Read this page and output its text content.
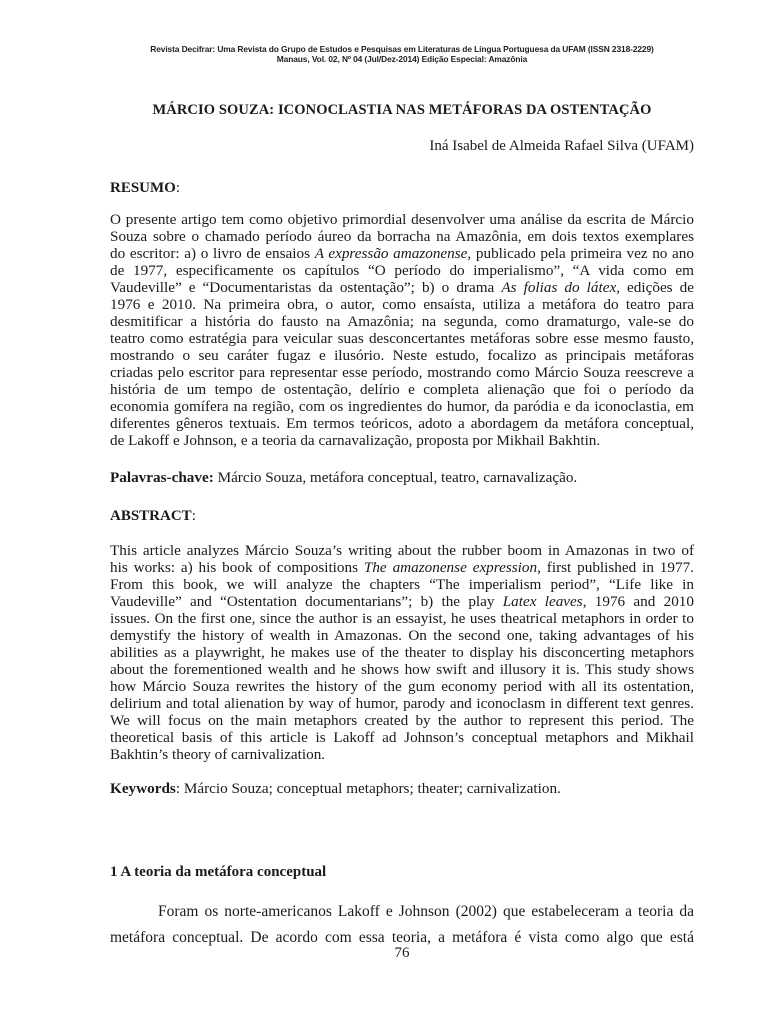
Revista Decifrar: Uma Revista do Grupo de Estudos e Pesquisas em Literaturas de Língua Portuguesa da UFAM (ISSN 2318-2229)
Manaus, Vol. 02, Nº 04 (Jul/Dez-2014) Edição Especial: Amazônia
MÁRCIO SOUZA: ICONOCLASTIA NAS METÁFORAS DA OSTENTAÇÃO
Iná Isabel de Almeida Rafael Silva (UFAM)
RESUMO:
O presente artigo tem como objetivo primordial desenvolver uma análise da escrita de Márcio
Souza sobre o chamado período áureo da borracha na Amazônia, em dois textos exemplares
do escritor: a) o livro de ensaios A expressão amazonense, publicado pela primeira vez no ano
de 1977, especificamente os capítulos “O período do imperialismo”, “A vida como em
Vaudeville” e “Documentaristas da ostentação”; b) o drama As folias do látex, edições de
1976 e 2010. Na primeira obra, o autor, como ensaísta, utiliza a metáfora do teatro para
desmitificar a história do fausto na Amazônia; na segunda, como dramaturgo, vale-se do
teatro como estratégia para veicular suas desconcertantes metáforas sobre esse mesmo fausto,
mostrando o seu caráter fugaz e ilusório. Neste estudo, focalizo as principais metáforas
criadas pelo escritor para representar esse período, mostrando como Márcio Souza reescreve a
história de um tempo de ostentação, delírio e completa alienação que foi o período da
economia gomífera na região, com os ingredientes do humor, da paródia e da iconoclastia, em
diferentes gêneros textuais. Em termos teóricos, adoto a abordagem da metáfora conceptual,
de Lakoff e Johnson, e a teoria da carnavalização, proposta por Mikhail Bakhtin.
Palavras-chave: Márcio Souza, metáfora conceptual, teatro, carnavalização.
ABSTRACT:
This article analyzes Márcio Souza’s writing about the rubber boom in Amazonas in two of
his works: a) his book of compositions The amazonense expression, first published in 1977.
From this book, we will analyze the chapters “The imperialism period”, “Life like in
Vaudeville” and “Ostentation documentarians”; b) the play Latex leaves, 1976 and 2010
issues. On the first one, since the author is an essayist, he uses theatrical metaphors in order to
demystify the history of wealth in Amazonas. On the second one, taking advantages of his
abilities as a playwright, he makes use of the theater to display his disconcerting metaphors
about the forementioned wealth and he shows how swift and illusory it is. This study shows
how Márcio Souza rewrites the history of the gum economy period with all its ostentation,
delirium and total alienation by way of humor, parody and iconoclasm in different text genres.
We will focus on the main metaphors created by the author to represent this period. The
theoretical basis of this article is Lakoff ad Johnson’s conceptual metaphors and Mikhail
Bakhtin’s theory of carnivalization.
Keywords: Márcio Souza; conceptual metaphors; theater; carnivalization.
1 A teoria da metáfora conceptual
Foram os norte-americanos Lakoff e Johnson (2002) que estabeleceram a teoria da
metáfora conceptual. De acordo com essa teoria, a metáfora é vista como algo que está
76
